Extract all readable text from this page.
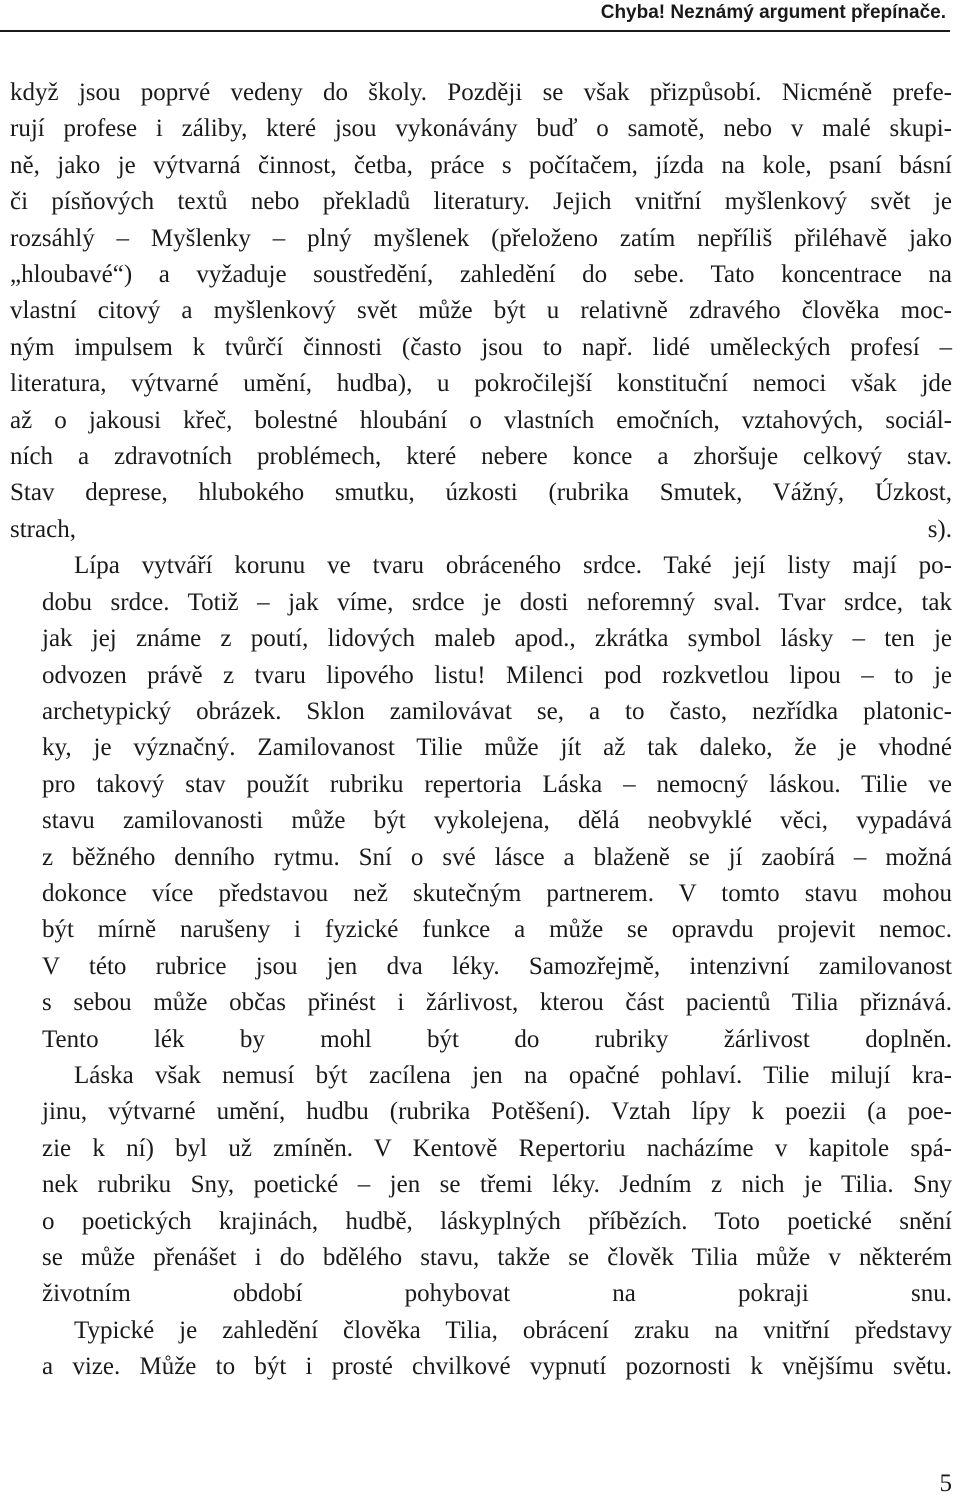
Chyba! Neznámý argument přepínače.

když jsou poprvé vedeny do školy. Později se však přizpůsobí. Nicméně prefe-
rují profese i záliby, které jsou vykonávány buď o samotě, nebo v malé skupi-
ně, jako je výtvarná činnost, četba, práce s počítačem, jízda na kole, psaní básní
či písňových textů nebo překladů literatury. Jejich vnitřní myšlenkový svět je
rozsáhlý – Myšlenky – plný myšlenek (přeloženo zatím nepříliš přiléhavě jako
„hloubavé“) a vyžaduje soustředění, zahledění do sebe. Tato koncentrace na
vlastní citový a myšlenkový svět může být u relativně zdravého člověka moc-
ným impulsem k tvůrčí činnosti (často jsou to např. lidé uměleckých profesí –
literatura, výtvarné umění, hudba), u pokročilejší konstituční nemoci však jde
až o jakousi křeč, bolestné hloubání o vlastních emočních, vztahových, sociál-
ních a zdravotních problémech, které nebere konce a zhoršuje celkový stav.
Stav deprese, hlubokého smutku, úzkosti (rubrika Smutek, Vážný, Úzkost,
strach, s).

Lípa vytváří korunu ve tvaru obráceného srdce. Také její listy mají po-
dobu srdce. Totiž – jak víme, srdce je dosti neforemný sval. Tvar srdce, tak
jak jej známe z poutí, lidových maleb apod., zkrátka symbol lásky – ten je
odvozen právě z tvaru lipového listu! Milenci pod rozkvetlou lipou – to je
archetypický obrázek. Sklon zamilovávat se, a to často, nezřídka platonic-
ky, je význačný. Zamilovanost Tilie může jít až tak daleko, že je vhodné
pro takový stav použít rubriku repertoria Láska – nemocný láskou. Tilie ve
stavu zamilovanosti může být vykolejena, dělá neobvyklé věci, vypadává
z běžného denního rytmu. Sní o své lásce a blaženě se jí zaobírá – možná
dokonce více představou než skutečným partnerem. V tomto stavu mohou
být mírně narušeny i fyzické funkce a může se opravdu projevit nemoc.
V této rubrice jsou jen dva léky. Samozřejmě, intenzivní zamilovanost
s sebou může občas přinést i žárlivost, kterou část pacientů Tilia přiznává.
Tento lék by mohl být do rubriky žárlivost doplněn.

Láska však nemusí být zacílena jen na opačné pohlaví. Tilie milují kra-
jinu, výtvarné umění, hudbu (rubrika Potěšení). Vztah lípy k poezii (a poe-
zie k ní) byl už zmíněn. V Kentově Repertoriu nacházíme v kapitole spá-
nek rubriku Sny, poetické – jen se třemi léky. Jedním z nich je Tilia. Sny
o poetických krajinách, hudbě, láskyplných příbězích. Toto poetické snění
se může přenášet i do bdělého stavu, takže se člověk Tilia může v některém
životním období pohybovat na pokraji snu.

Typické je zahledění člověka Tilia, obrácení zraku na vnitřní představy
a vize. Může to být i prosté chvilkové vypnutí pozornosti k vnějšímu světu.

5
